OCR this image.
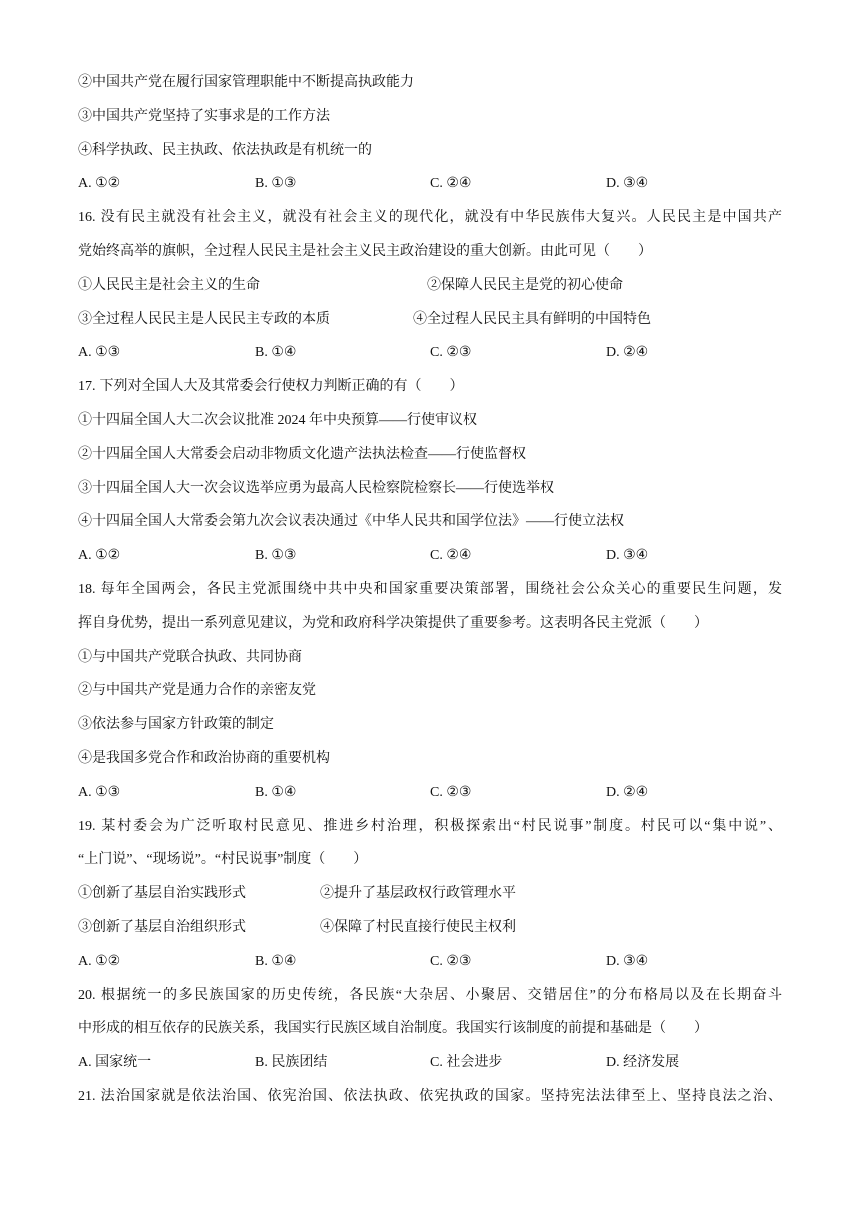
②中国共产党在履行国家管理职能中不断提高执政能力
③中国共产党坚持了实事求是的工作方法
④科学执政、民主执政、依法执政是有机统一的
A. ①②	B. ①③	C. ②④	D. ③④
16. 没有民主就没有社会主义，就没有社会主义的现代化，就没有中华民族伟大复兴。人民民主是中国共产
党始终高举的旗帜，全过程人民民主是社会主义民主政治建设的重大创新。由此可见（　　）
①人民民主是社会主义的生命	②保障人民民主是党的初心使命
③全过程人民民主是人民民主专政的本质	④全过程人民民主具有鲜明的中国特色
A. ①③	B. ①④	C. ②③	D. ②④
17. 下列对全国人大及其常委会行使权力判断正确的有（　　）
①十四届全国人大二次会议批准 2024 年中央预算——行使审议权
②十四届全国人大常委会启动非物质文化遗产法执法检查——行使监督权
③十四届全国人大一次会议选举应勇为最高人民检察院检察长——行使选举权
④十四届全国人大常委会第九次会议表决通过《中华人民共和国学位法》——行使立法权
A. ①②	B. ①③	C. ②④	D. ③④
18. 每年全国两会，各民主党派围绕中共中央和国家重要决策部署，围绕社会公众关心的重要民生问题，发
挥自身优势，提出一系列意见建议，为党和政府科学决策提供了重要参考。这表明各民主党派（　　）
①与中国共产党联合执政、共同协商
②与中国共产党是通力合作的亲密友党
③依法参与国家方针政策的制定
④是我国多党合作和政治协商的重要机构
A. ①③	B. ①④	C. ②③	D. ②④
19. 某村委会为广泛听取村民意见、推进乡村治理，积极探索出“村民说事”制度。村民可以“集中说”、
“上门说”、“现场说”。“村民说事”制度（　　）
①创新了基层自治实践形式	②提升了基层政权行政管理水平
③创新了基层自治组织形式	④保障了村民直接行使民主权利
A. ①②	B. ①④	C. ②③	D. ③④
20. 根据统一的多民族国家的历史传统，各民族“大杂居、小聚居、交错居住”的分布格局以及在长期奋斗
中形成的相互依存的民族关系，我国实行民族区域自治制度。我国实行该制度的前提和基础是（　　）
A. 国家统一	B. 民族团结	C. 社会进步	D. 经济发展
21. 法治国家就是依法治国、依宪治国、依法执政、依宪执政的国家。坚持宪法法律至上、坚持良法之治、
